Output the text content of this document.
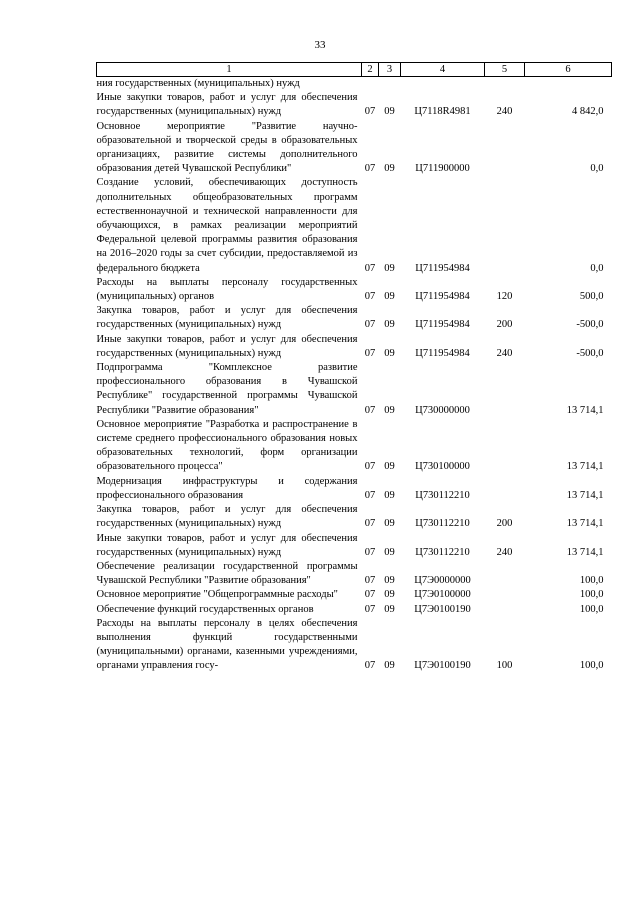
33
1	2	3	4	5	6
ния государственных (муниципальных) нужд					
Иные закупки товаров, работ и услуг для обеспечения государственных (муниципальных) нужд	07	09	Ц7118R4981	240	4 842,0
Основное мероприятие "Развитие научно-образовательной и творческой среды в образовательных организациях, развитие системы дополнительного образования детей Чувашской Республики"	07	09	Ц711900000		0,0
Создание условий, обеспечивающих доступность дополнительных общеобразовательных программ естественнонаучной и технической направленности для обучающихся, в рамках реализации мероприятий Федеральной целевой программы развития образования на 2016–2020 годы за счет субсидии, предоставляемой из федерального бюджета	07	09	Ц711954984		0,0
Расходы на выплаты персоналу государственных (муниципальных) органов	07	09	Ц711954984	120	500,0
Закупка товаров, работ и услуг для обеспечения государственных (муниципальных) нужд	07	09	Ц711954984	200	-500,0
Иные закупки товаров, работ и услуг для обеспечения государственных (муниципальных) нужд	07	09	Ц711954984	240	-500,0
Подпрограмма "Комплексное развитие профессионального образования в Чувашской Республике" государственной программы Чувашской Республики "Развитие образования"	07	09	Ц730000000		13 714,1
Основное мероприятие "Разработка и распространение в системе среднего профессионального образования новых образовательных технологий, форм организации образовательного процесса"	07	09	Ц730100000		13 714,1
Модернизация инфраструктуры и содержания профессионального образования	07	09	Ц730112210		13 714,1
Закупка товаров, работ и услуг для обеспечения государственных (муниципальных) нужд	07	09	Ц730112210	200	13 714,1
Иные закупки товаров, работ и услуг для обеспечения государственных (муниципальных) нужд	07	09	Ц730112210	240	13 714,1
Обеспечение реализации государственной программы Чувашской Республики "Развитие образования"	07	09	Ц7Э0000000		100,0
Основное мероприятие "Общепрограммные расходы"	07	09	Ц7Э0100000		100,0
Обеспечение функций государственных органов	07	09	Ц7Э0100190		100,0
Расходы на выплаты персоналу в целях обеспечения выполнения функций государственными (муниципальными) органами, казенными учреждениями, органами управления госу-	07	09	Ц7Э0100190	100	100,0
